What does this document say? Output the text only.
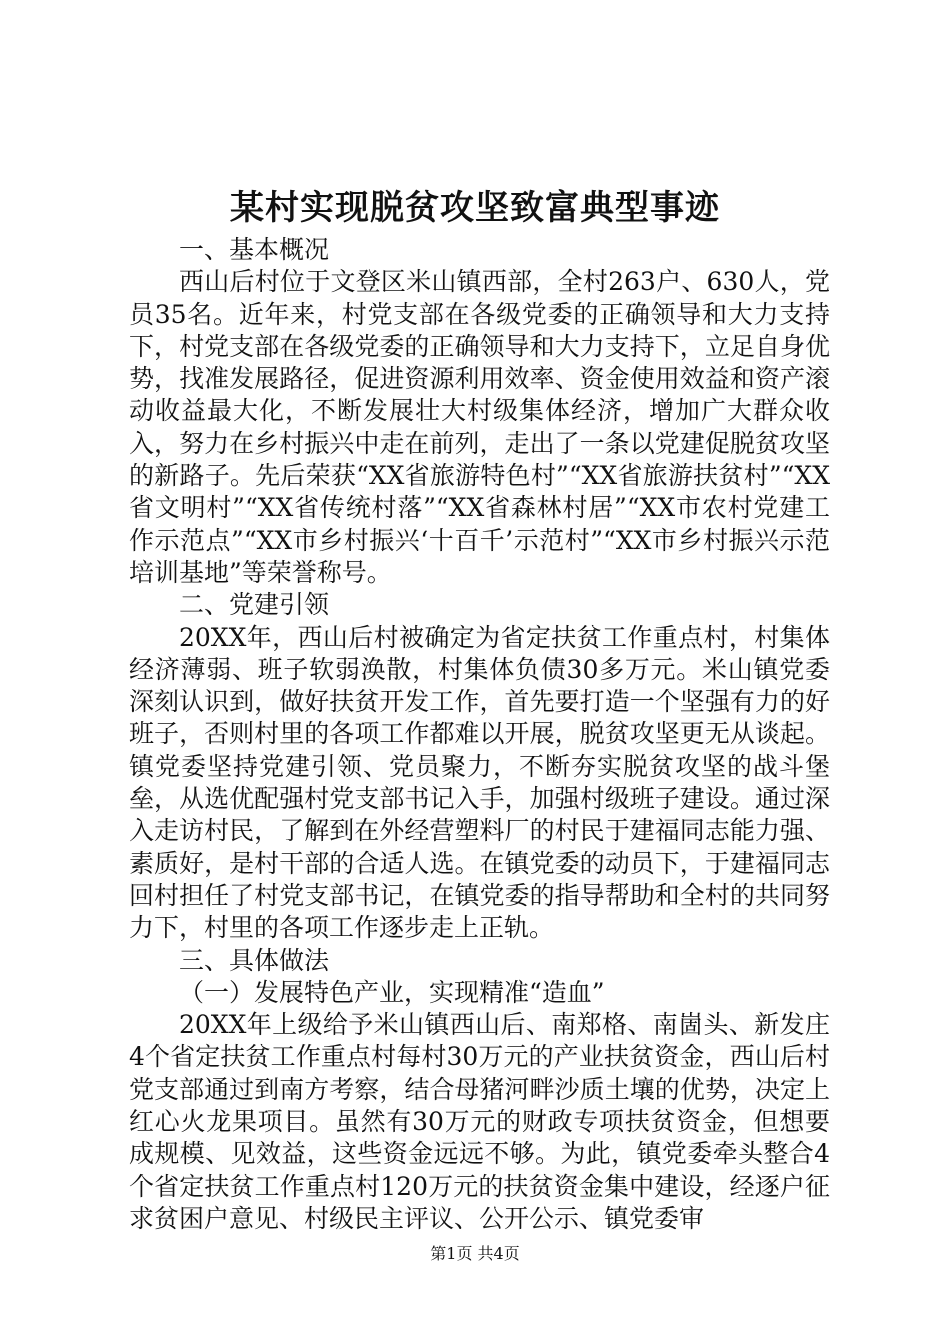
某村实现脱贫攻坚致富典型事迹

一、基本概况

西山后村位于文登区米山镇西部，全村263户、630人，党员35名。近年来，村党支部在各级党委的正确领导和大力支持下，村党支部在各级党委的正确领导和大力支持下，立足自身优势，找准发展路径，促进资源利用效率、资金使用效益和资产滚动收益最大化，不断发展壮大村级集体经济，增加广大群众收入，努力在乡村振兴中走在前列，走出了一条以党建促脱贫攻坚的新路子。先后荣获“XX省旅游特色村”“XX省旅游扶贫村”“XX省文明村”“XX省传统村落”“XX省森林村居”“XX市农村党建工作示范点”“XX市乡村振兴‘十百千’示范村”“XX市乡村振兴示范培训基地”等荣誉称号。

二、党建引领

20XX年，西山后村被确定为省定扶贫工作重点村，村集体经济薄弱、班子软弱涣散，村集体负债30多万元。米山镇党委深刻认识到，做好扶贫开发工作，首先要打造一个坚强有力的好班子，否则村里的各项工作都难以开展，脱贫攻坚更无从谈起。镇党委坚持党建引领、党员聚力，不断夯实脱贫攻坚的战斗堡垒，从选优配强村党支部书记入手，加强村级班子建设。通过深入走访村民，了解到在外经营塑料厂的村民于建福同志能力强、素质好，是村干部的合适人选。在镇党委的动员下，于建福同志回村担任了村党支部书记，在镇党委的指导帮助和全村的共同努力下，村里的各项工作逐步走上正轨。

三、具体做法

（一）发展特色产业，实现精准“造血”

20XX年上级给予米山镇西山后、南郑格、南崮头、新发庄4个省定扶贫工作重点村每村30万元的产业扶贫资金，西山后村党支部通过到南方考察，结合母猪河畔沙质土壤的优势，决定上红心火龙果项目。虽然有30万元的财政专项扶贫资金，但想要成规模、见效益，这些资金远远不够。为此，镇党委牵头整合4个省定扶贫工作重点村120万元的扶贫资金集中建设，经逐户征求贫困户意见、村级民主评议、公开公示、镇党委审

第1页 共4页
